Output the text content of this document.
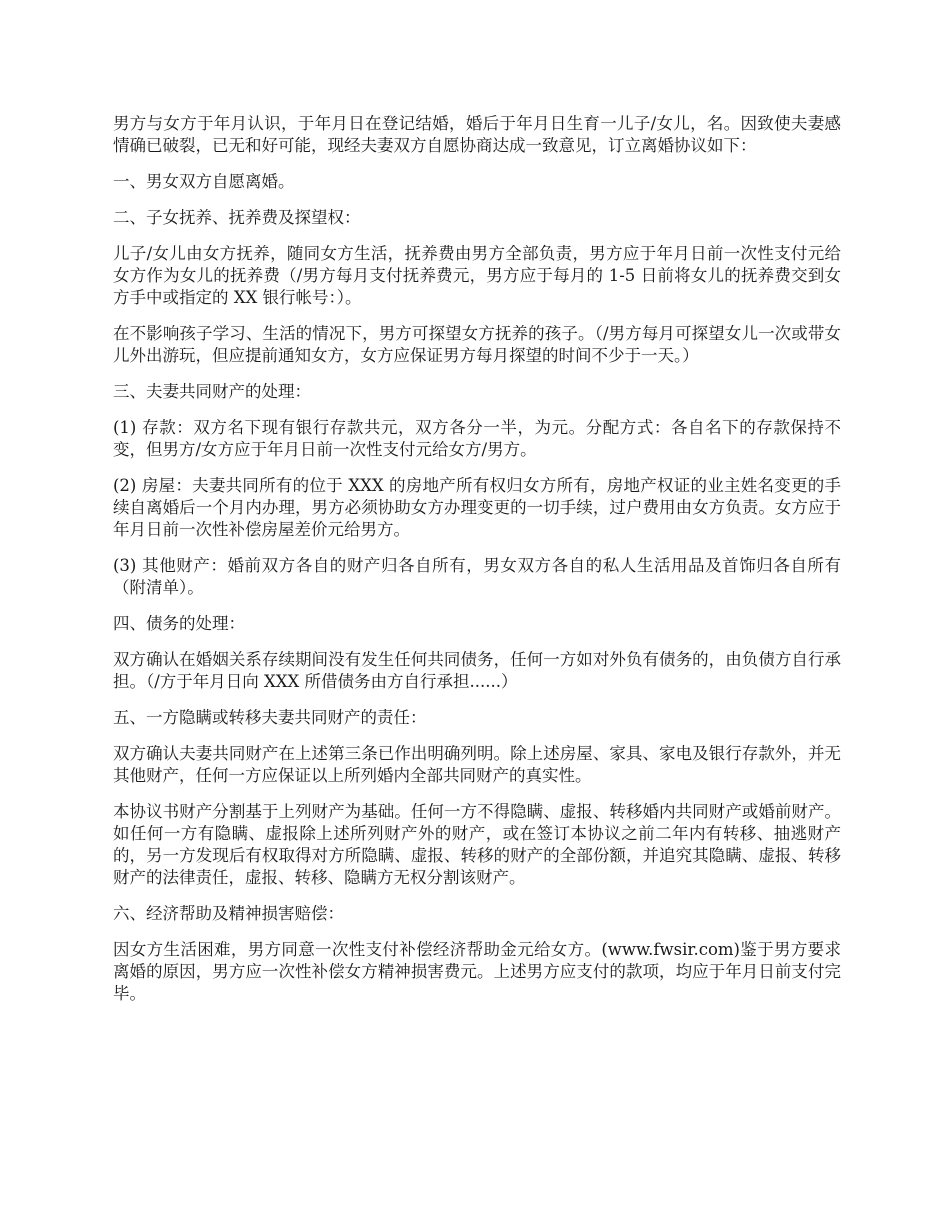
男方与女方于年月认识，于年月日在登记结婚，婚后于年月日生育一儿子/女儿，名。因致使夫妻感情确已破裂，已无和好可能，现经夫妻双方自愿协商达成一致意见，订立离婚协议如下：

一、男女双方自愿离婚。

二、子女抚养、抚养费及探望权：

儿子/女儿由女方抚养，随同女方生活，抚养费由男方全部负责，男方应于年月日前一次性支付元给女方作为女儿的抚养费（/男方每月支付抚养费元，男方应于每月的 1-5 日前将女儿的抚养费交到女方手中或指定的 XX 银行帐号：）。

在不影响孩子学习、生活的情况下，男方可探望女方抚养的孩子。（/男方每月可探望女儿一次或带女儿外出游玩，但应提前通知女方，女方应保证男方每月探望的时间不少于一天。）

三、夫妻共同财产的处理：

(1) 存款：双方名下现有银行存款共元，双方各分一半，为元。分配方式：各自名下的存款保持不变，但男方/女方应于年月日前一次性支付元给女方/男方。

(2) 房屋：夫妻共同所有的位于 XXX 的房地产所有权归女方所有，房地产权证的业主姓名变更的手续自离婚后一个月内办理，男方必须协助女方办理变更的一切手续，过户费用由女方负责。女方应于年月日前一次性补偿房屋差价元给男方。

(3) 其他财产：婚前双方各自的财产归各自所有，男女双方各自的私人生活用品及首饰归各自所有（附清单）。

四、债务的处理：

双方确认在婚姻关系存续期间没有发生任何共同债务，任何一方如对外负有债务的，由负债方自行承担。（/方于年月日向 XXX 所借债务由方自行承担......）

五、一方隐瞒或转移夫妻共同财产的责任：

双方确认夫妻共同财产在上述第三条已作出明确列明。除上述房屋、家具、家电及银行存款外，并无其他财产，任何一方应保证以上所列婚内全部共同财产的真实性。

本协议书财产分割基于上列财产为基础。任何一方不得隐瞒、虚报、转移婚内共同财产或婚前财产。如任何一方有隐瞒、虚报除上述所列财产外的财产，或在签订本协议之前二年内有转移、抽逃财产的，另一方发现后有权取得对方所隐瞒、虚报、转移的财产的全部份额，并追究其隐瞒、虚报、转移财产的法律责任，虚报、转移、隐瞒方无权分割该财产。

六、经济帮助及精神损害赔偿：

因女方生活困难，男方同意一次性支付补偿经济帮助金元给女方。(www.fwsir.com)鉴于男方要求离婚的原因，男方应一次性补偿女方精神损害费元。上述男方应支付的款项，均应于年月日前支付完毕。
